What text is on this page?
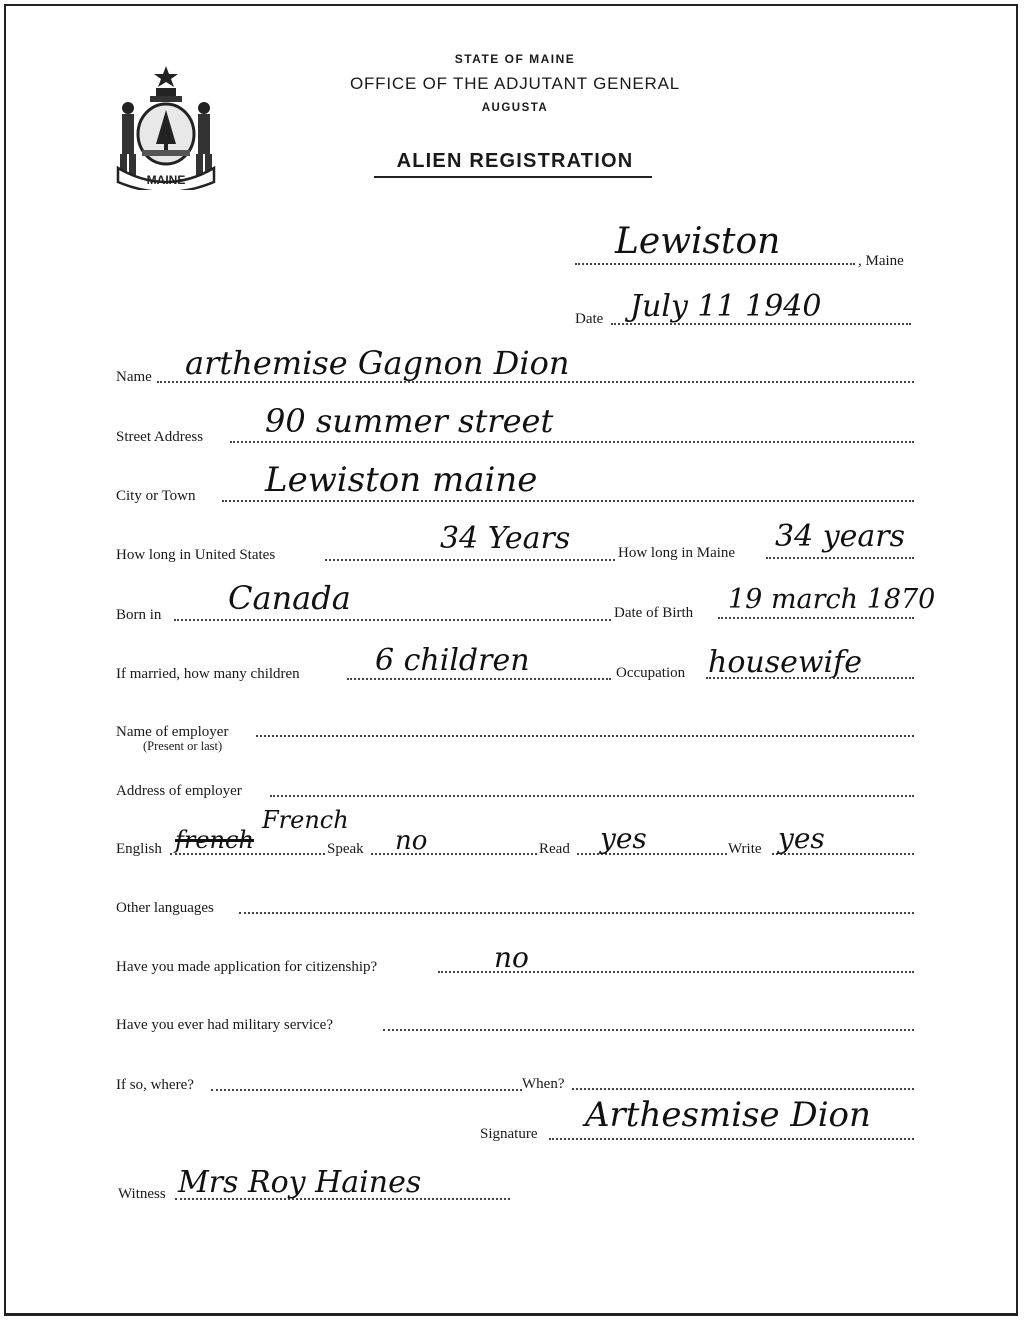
MAINE
STATE OF MAINE
OFFICE OF THE ADJUTANT GENERAL
AUGUSTA
ALIEN REGISTRATION
Lewiston	, Maine
Date July 11 1940
Name arthemise Gagnon Dion
Street Address 90 summer street
City or Town Lewiston maine
How long in United States	34 Years	How long in Maine 34 years
Born in Canada	Date of Birth 19 march 1870
If married, how many children	6 children	Occupation housewife
Name of employer
(Present or last)
Address of employer
English french
French
Speak no	Read yes	Write yes
Other languages
Have you made application for citizenship?	no
Have you ever had military service?
If so, where?	When?
Signature Arthesmise Dion
Witness Mrs Roy Haines
